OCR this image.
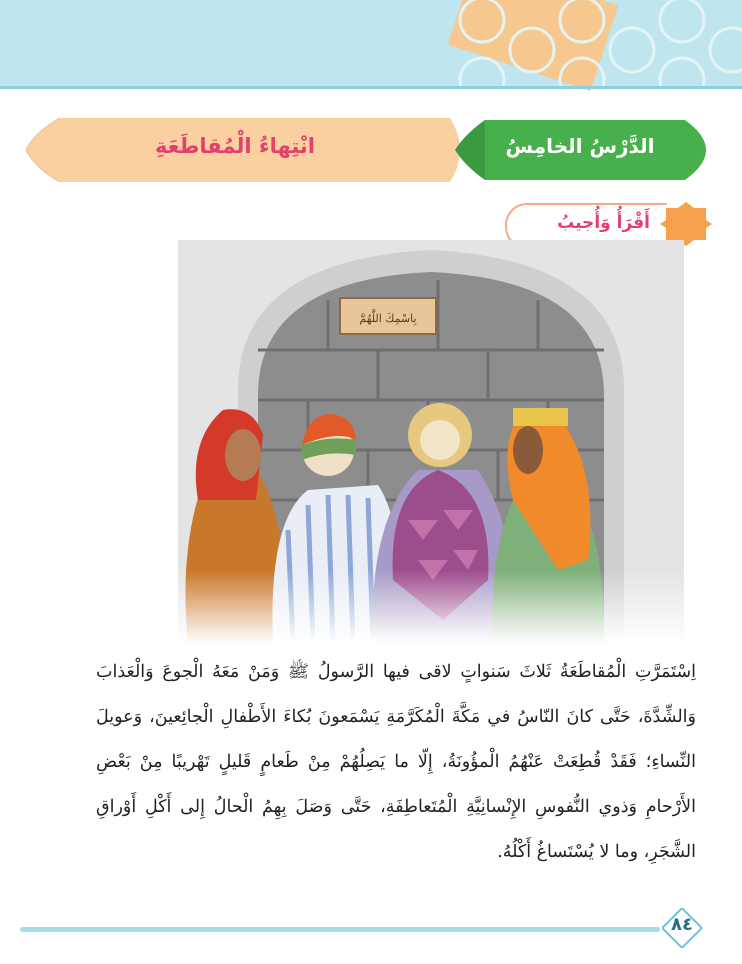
انْتِهاءُ الْمُقاطَعَةِ	الدَّرْسُ الخامِسُ
أَقْرَأُ وَأُجيبُ
بِاسْمِكَ اللَّهُمَّ
اِسْتَمَرَّتِ الْمُقاطَعَةُ ثَلاثَ سَنواتٍ لاقى فيها الرَّسولُ ﷺ وَمَنْ مَعَهُ الْجوعَ وَالْعَذابَ وَالشِّدَّةَ، حَتَّى كانَ النّاسُ في مَكَّةَ الْمُكَرَّمَةِ يَسْمَعونَ بُكاءَ الأَطْفالِ الْجائِعينَ، وَعويلَ النِّساءِ؛ فَقَدْ قُطِعَتْ عَنْهُمُ الْمؤُونَةُ، إِلّا ما يَصِلُهُمْ مِنْ طَعامٍ قَليلٍ تَهْريبًا مِنْ بَعْضِ الأَرْحامِ وَذوي النُّفوسِ الإِنْسانِيَّةِ الْمُتَعاطِفَةِ، حَتَّى وَصَلَ بِهِمُ الْحالُ إِلى أَكْلِ أَوْراقِ الشَّجَرِ، وما لا يُسْتَساغُ أَكْلُهُ.
٨٤
